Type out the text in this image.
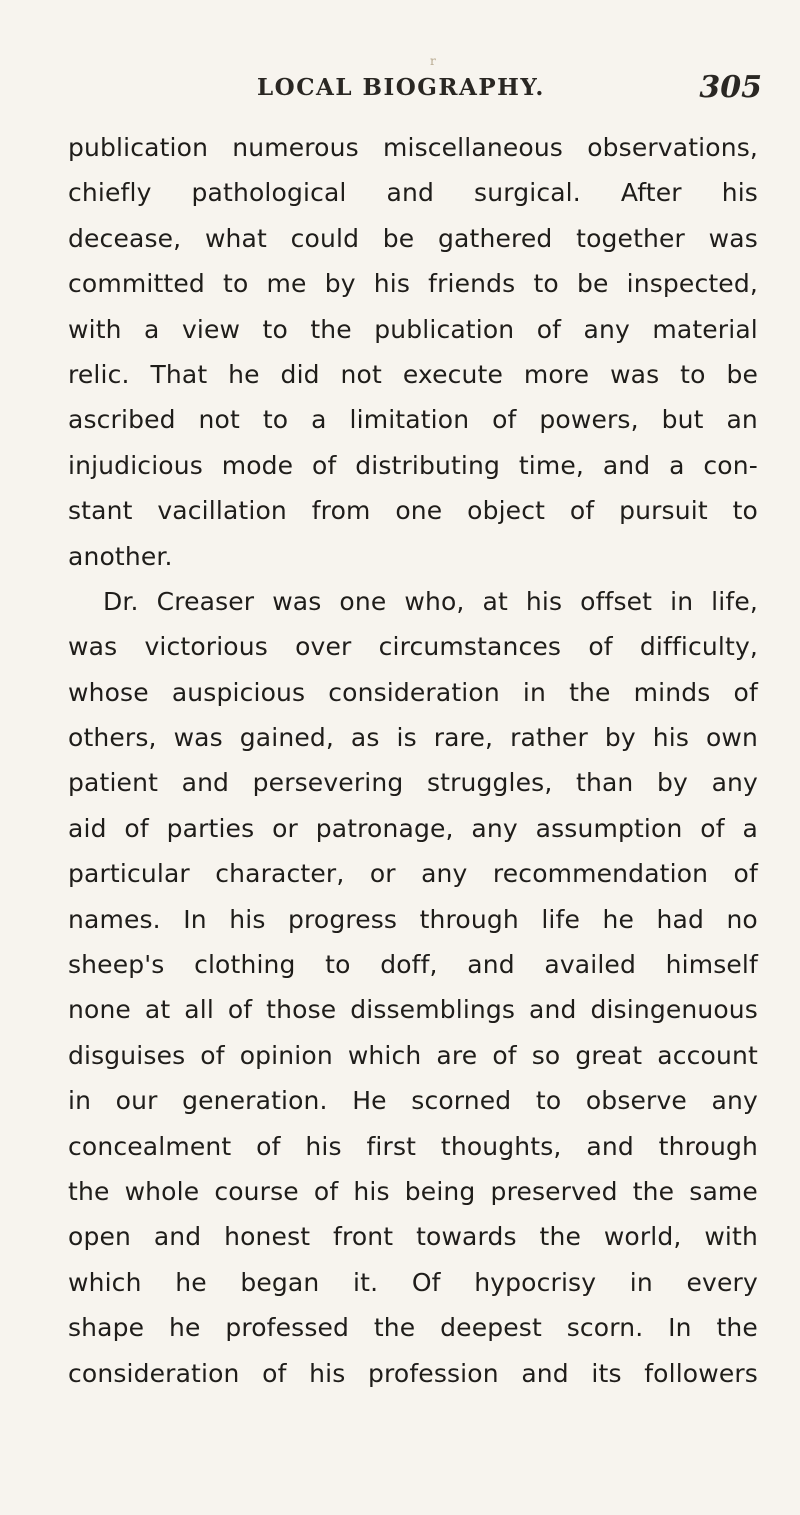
r
LOCAL BIOGRAPHY.	305
publication numerous miscellaneous observations,
chiefly pathological and surgical. After his
decease, what could be gathered together was
committed to me by his friends to be inspected,
with a view to the publication of any material
relic. That he did not execute more was to be
ascribed not to a limitation of powers, but an
injudicious mode of distributing time, and a con-
stant vacillation from one object of pursuit to
another.
Dr. Creaser was one who, at his offset in life,
was victorious over circumstances of difficulty,
whose auspicious consideration in the minds of
others, was gained, as is rare, rather by his own
patient and persevering struggles, than by any
aid of parties or patronage, any assumption of a
particular character, or any recommendation of
names. In his progress through life he had no
sheep's clothing to doff, and availed himself
none at all of those dissemblings and disingenuous
disguises of opinion which are of so great account
in our generation. He scorned to observe any
concealment of his first thoughts, and through
the whole course of his being preserved the same
open and honest front towards the world, with
which he began it. Of hypocrisy in every
shape he professed the deepest scorn. In the
consideration of his profession and its followers
